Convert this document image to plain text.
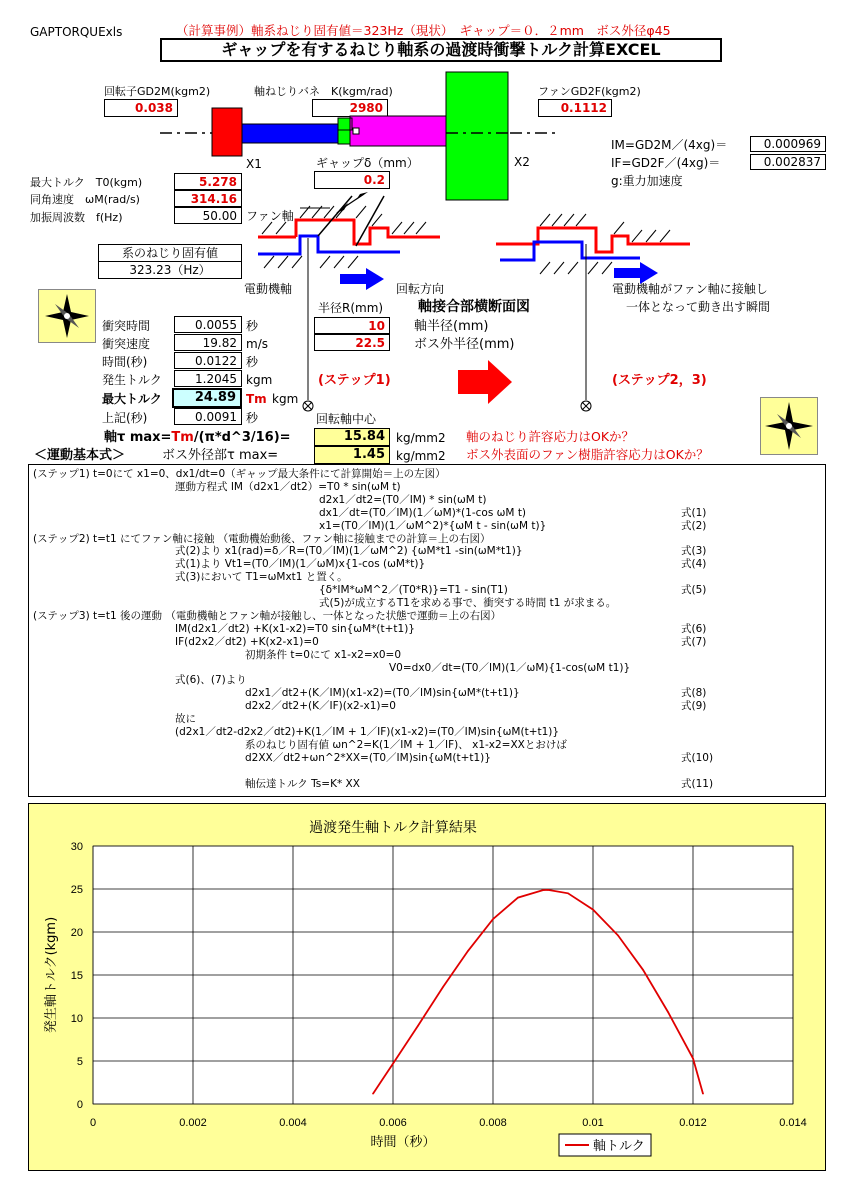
GAPTORQUExls	（計算事例）軸系ねじり固有値＝323Hz（現状）　ギャップ＝０．２mm　ボス外径φ45
ギャップを有するねじり軸系の過渡時衝撃トルク計算EXCEL
回転子GD2M(kgm2)
0.038
軸ねじりバネ　K(kgm/rad)
2980
ファンGD2F(kgm2)
0.1112
X1	X2
ギャップδ（mm）
0.2
IM=GD2M／(4xg)＝	0.000969
IF=GD2F／(4xg)＝	0.002837
g:重力加速度
最大トルク　T0(kgm)	5.278
同角速度　ωM(rad/s)	314.16
加振周波数　f(Hz)	50.00 ファン軸
系のねじり固有値
323.23（Hz）
電動機軸	回転方向	電動機軸がファン軸に接触し
一体となって動き出す瞬間
半径R(mm) 軸接合部横断面図
10	軸半径(mm)
22.5	ボス外半径(mm)
(ステップ1)	(ステップ2，3)
回転軸中心
衝突時間	0.0055 秒
衝突速度	19.82 m/s
時間(秒)	0.0122 秒
発生トルク	1.2045 kgm
最大トルク	24.89 Tm kgm
上記(秒)	0.0091 秒
軸τ max=Tm/(π*d^3/16)=	15.84 kg/mm2 軸のねじり許容応力はOKか？
＜運動基本式＞	ボス外径部τ max=	1.45 kg/mm2 ボス外表面のファン樹脂許容応力はOKか？
(ステップ1) t=0にて x1=0、dx1/dt=0（ギャップ最大条件にて計算開始＝上の左図）
運動方程式 IM（d2x1／dt2）=T0 * sin(ωM t)
d2x1／dt2=(T0／IM) * sin(ωM t)
dx1／dt=(T0／IM)(1／ωM)*(1-cos ωM t)	式(1)
x1=(T0／IM)(1／ωM^2)*{ωM t - sin(ωM t)}	式(2)
(ステップ2) t=t1 にてファン軸に接触 （電動機始動後、ファン軸に接触までの計算＝上の右図）
式(2)より x1(rad)=δ／R=(T0／IM)(1／ωM^2) {ωM*t1 -sin(ωM*t1)}	式(3)
式(1)より Vt1=(T0／IM)(1／ωM)x{1-cos (ωM*t)}	式(4)
式(3)において T1=ωMxt1 と置く。
{δ*IM*ωM^2／(T0*R)}=T1 - sin(T1)	式(5)
式(5)が成立するT1を求める事で、衝突する時間 t1 が求まる。
(ステップ3) t=t1 後の運動 （電動機軸とファン軸が接触し、一体となった状態で運動＝上の右図）
IM(d2x1／dt2) +K(x1-x2)=T0 sin{ωM*(t+t1)}	式(6)
IF(d2x2／dt2) +K(x2-x1)=0	式(7)
初期条件 t=0にて x1-x2=x0=0
V0=dx0／dt=(T0／IM)(1／ωM){1-cos(ωM t1)}
式(6)、(7)より
d2x1／dt2+(K／IM)(x1-x2)=(T0／IM)sin{ωM*(t+t1)}	式(8)
d2x2／dt2+(K／IF)(x2-x1)=0	式(9)
故に
(d2x1／dt2-d2x2／dt2)+K(1／IM + 1／IF)(x1-x2)=(T0／IM)sin{ωM(t+t1)}
系のねじり固有値 ωn^2=K(1／IM + 1／IF)、 x1-x2=XXとおけば
d2XX／dt2+ωn^2*XX=(T0／IM)sin{ωM(t+t1)}	式(10)
軸伝達トルク Ts=K* XX	式(11)
0
5
10
15
20
25
30
0	0.002	0.004	0.006	0.008	0.01	0.012	0.014
過渡発生軸トルク計算結果
時間（秒）
発生軸トルク(kgm)
軸トルク
